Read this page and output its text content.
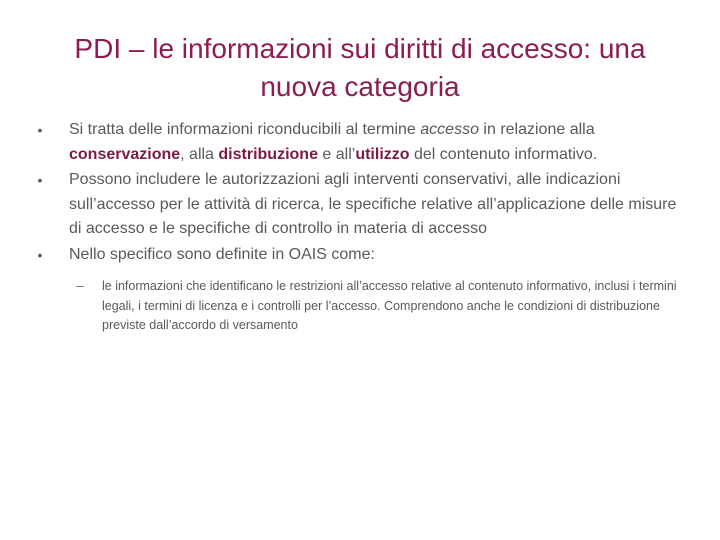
PDI – le informazioni sui diritti di accesso: una nuova categoria
•	Si tratta delle informazioni riconducibili al termine accesso in relazione alla conservazione, alla distribuzione e all’utilizzo del contenuto informativo.
•	Possono includere le autorizzazioni agli interventi conservativi, alle indicazioni sull’accesso per le attività di ricerca, le specifiche relative all’applicazione delle misure di accesso e le specifiche di controllo in materia di accesso
•	Nello specifico sono definite in OAIS come:
–	le informazioni che identificano le restrizioni all’accesso relative al contenuto informativo, inclusi i termini legali, i termini di licenza e i controlli per l’accesso. Comprendono anche le condizioni di distribuzione previste dall’accordo di versamento
